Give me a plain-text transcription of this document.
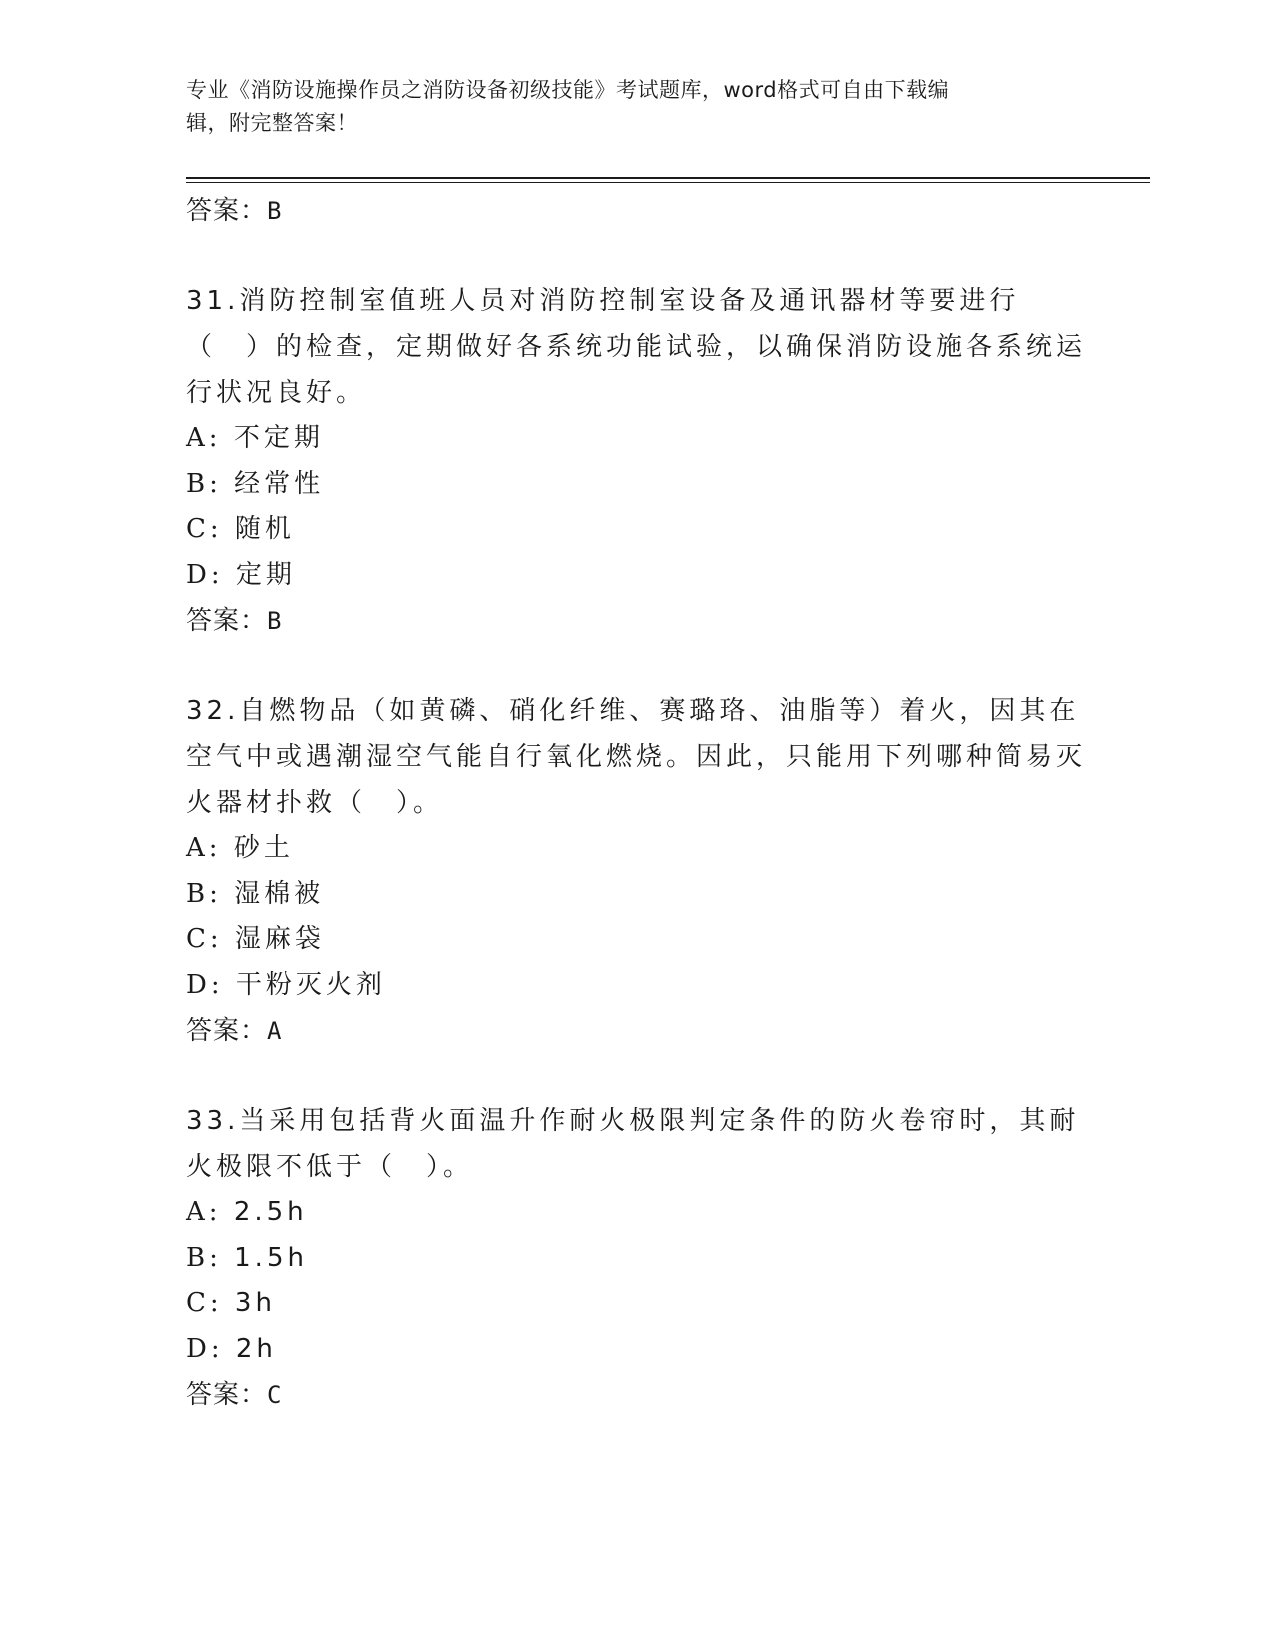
专业《消防设施操作员之消防设备初级技能》考试题库，word格式可自由下载编
辑，附完整答案！
答案：B
31.消防控制室值班人员对消防控制室设备及通讯器材等要进行（　）的检查，定期做好各系统功能试验，以确保消防设施各系统运行状况良好。
A: 不定期
B: 经常性
C: 随机
D: 定期
答案：B
32.自燃物品（如黄磷、硝化纤维、赛璐珞、油脂等）着火，因其在空气中或遇潮湿空气能自行氧化燃烧。因此，只能用下列哪种简易灭火器材扑救（　）。
A: 砂土
B: 湿棉被
C: 湿麻袋
D: 干粉灭火剂
答案：A
33.当采用包括背火面温升作耐火极限判定条件的防火卷帘时，其耐火极限不低于（　）。
A: 2.5h
B: 1.5h
C: 3h
D: 2h
答案：C
